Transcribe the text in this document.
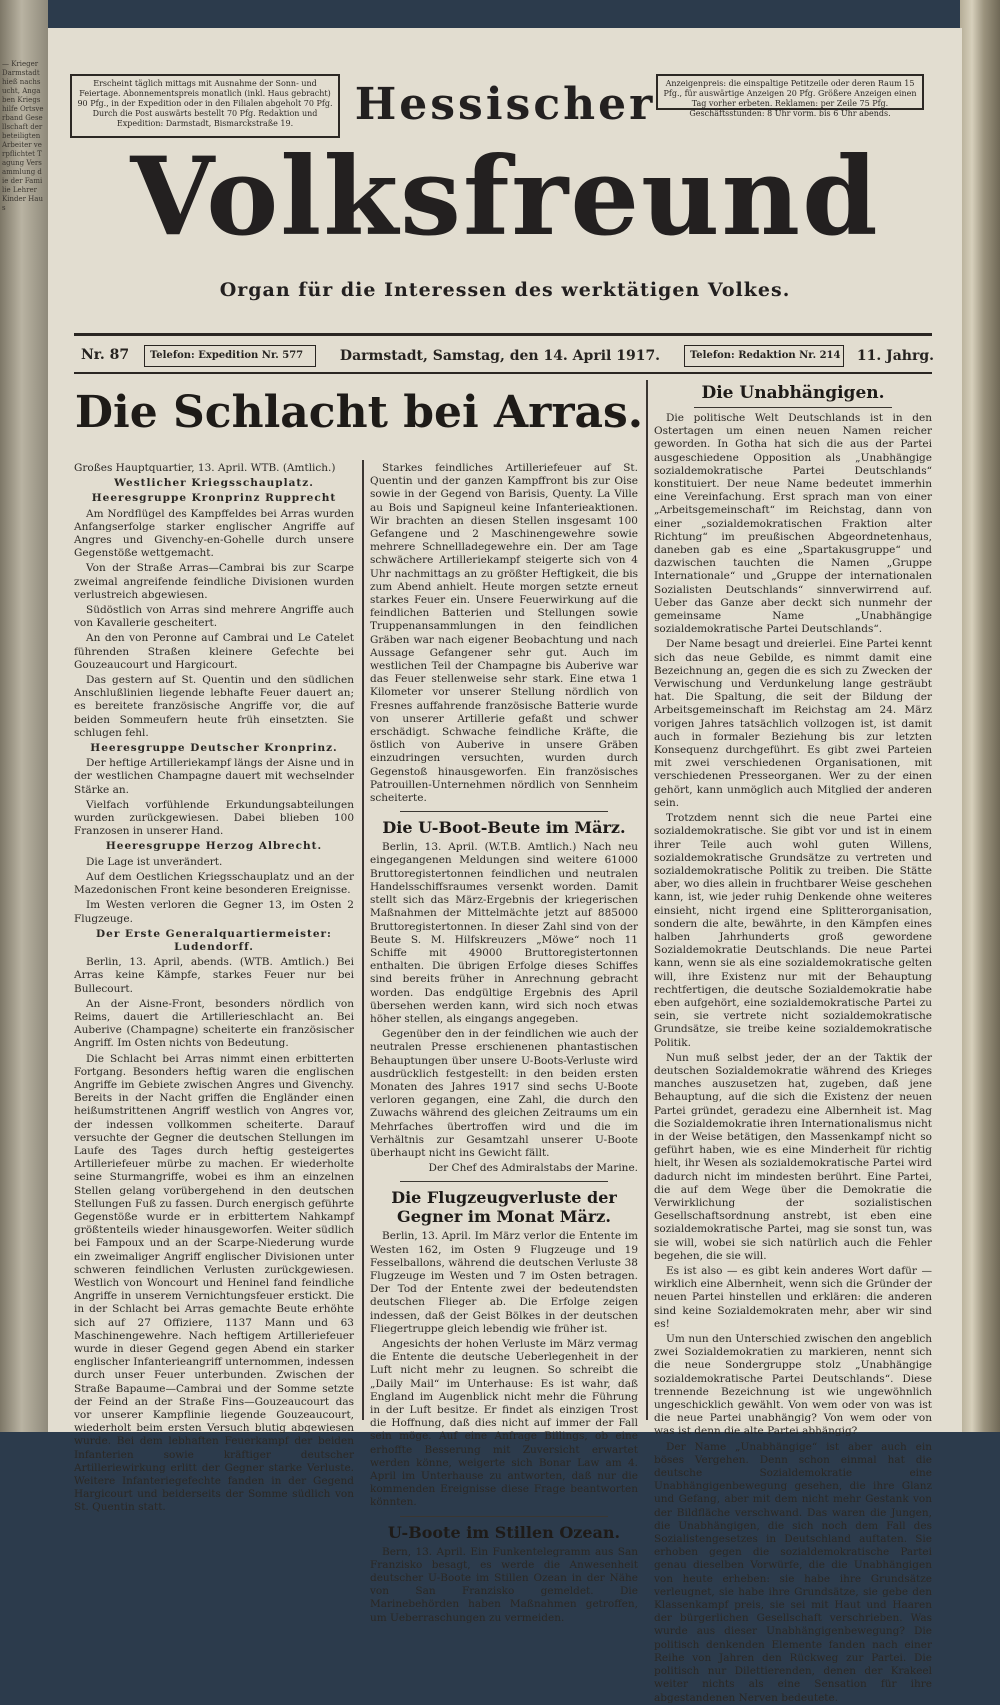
— Krieger Darmstadt hieß nachsucht, Angaben Kriegshilfe Ortsverband Gesellschaft der beteiligten Arbeiter verpflichtet Tagung Versammlung die der Familie Lehrer Kinder Haus
Erscheint täglich mittags mit Ausnahme der Sonn- und Feiertage. Abonnementspreis monatlich (inkl. Haus gebracht) 90 Pfg., in der Expedition oder in den Filialen abgeholt 70 Pfg. Durch die Post auswärts bestellt 70 Pfg. Redaktion und Expedition: Darmstadt, Bismarckstraße 19.
Anzeigenpreis: die einspaltige Petitzeile oder deren Raum 15 Pfg., für auswärtige Anzeigen 20 Pfg. Größere Anzeigen einen Tag vorher erbeten. Reklamen: per Zeile 75 Pfg. Geschäftsstunden: 8 Uhr vorm. bis 6 Uhr abends.
Hessischer
Volksfreund
Organ für die Interessen des werktätigen Volkes.
Nr. 87	Telefon: Expedition Nr. 577	Darmstadt, Samstag, den 14. April 1917.	Telefon: Redaktion Nr. 214 11. Jahrg.
Die Schlacht bei Arras.

Großes Hauptquartier, 13. April. WTB. (Amtlich.)

Westlicher Kriegsschauplatz.

Heeresgruppe Kronprinz Rupprecht

Am Nordflügel des Kampffeldes bei Arras wurden Anfangserfolge starker englischer Angriffe auf Angres und Givenchy-en-Gohelle durch unsere Gegenstöße wettgemacht.

Von der Straße Arras—Cambrai bis zur Scarpe zweimal angreifende feindliche Divisionen wurden verlustreich abgewiesen.

Südöstlich von Arras sind mehrere Angriffe auch von Kavallerie gescheitert.

An den von Peronne auf Cambrai und Le Catelet führenden Straßen kleinere Gefechte bei Gouzeaucourt und Hargicourt.

Das gestern auf St. Quentin und den südlichen Anschlußlinien liegende lebhafte Feuer dauert an; es bereitete französische Angriffe vor, die auf beiden Sommeufern heute früh einsetzten. Sie schlugen fehl.

Heeresgruppe Deutscher Kronprinz.

Der heftige Artilleriekampf längs der Aisne und in der westlichen Champagne dauert mit wechselnder Stärke an.

Vielfach vorfühlende Erkundungsabteilungen wurden zurückgewiesen. Dabei blieben 100 Franzosen in unserer Hand.

Heeresgruppe Herzog Albrecht.

Die Lage ist unverändert.

Auf dem Oestlichen Kriegsschauplatz und an der Mazedonischen Front keine besonderen Ereignisse.

Im Westen verloren die Gegner 13, im Osten 2 Flugzeuge.

Der Erste Generalquartiermeister: Ludendorff.

Berlin, 13. April, abends. (WTB. Amtlich.) Bei Arras keine Kämpfe, starkes Feuer nur bei Bullecourt.

An der Aisne-Front, besonders nördlich von Reims, dauert die Artillerieschlacht an. Bei Auberive (Champagne) scheiterte ein französischer Angriff. Im Osten nichts von Bedeutung.

Die Schlacht bei Arras nimmt einen erbitterten Fortgang. Besonders heftig waren die englischen Angriffe im Gebiete zwischen Angres und Givenchy. Bereits in der Nacht griffen die Engländer einen heißumstrittenen Angriff westlich von Angres vor, der indessen vollkommen scheiterte. Darauf versuchte der Gegner die deutschen Stellungen im Laufe des Tages durch heftig gesteigertes Artilleriefeuer mürbe zu machen. Er wiederholte seine Sturmangriffe, wobei es ihm an einzelnen Stellen gelang vorübergehend in den deutschen Stellungen Fuß zu fassen. Durch energisch geführte Gegenstöße wurde er in erbittertem Nahkampf größtenteils wieder hinausgeworfen. Weiter südlich bei Fampoux und an der Scarpe-Niederung wurde ein zweimaliger Angriff englischer Divisionen unter schweren feindlichen Verlusten zurückgewiesen. Westlich von Woncourt und Heninel fand feindliche Angriffe in unserem Vernichtungsfeuer erstickt. Die in der Schlacht bei Arras gemachte Beute erhöhte sich auf 27 Offiziere, 1137 Mann und 63 Maschinengewehre. Nach heftigem Artilleriefeuer wurde in dieser Gegend gegen Abend ein starker englischer Infanterieangriff unternommen, indessen durch unser Feuer unterbunden. Zwischen der Straße Bapaume—Cambrai und der Somme setzte der Feind an der Straße Fins—Gouzeaucourt das vor unserer Kampflinie liegende Gouzeaucourt, wiederholt beim ersten Versuch blutig abgewiesen wurde. Bei dem lebhaften Feuerkampf der beiden Infanterien sowie kräftiger deutscher Artilleriewirkung erlitt der Gegner starke Verluste. Weitere Infanteriegefechte fanden in der Gegend Hargicourt und beiderseits der Somme südlich von St. Quentin statt.

Starkes feindliches Artilleriefeuer auf St. Quentin und der ganzen Kampffront bis zur Oise sowie in der Gegend von Barisis, Quenty. La Ville au Bois und Sapigneul keine Infanterieaktionen. Wir brachten an diesen Stellen insgesamt 100 Gefangene und 2 Maschinengewehre sowie mehrere Schnellladegewehre ein. Der am Tage schwächere Artilleriekampf steigerte sich von 4 Uhr nachmittags an zu größter Heftigkeit, die bis zum Abend anhielt. Heute morgen setzte erneut starkes Feuer ein. Unsere Feuerwirkung auf die feindlichen Batterien und Stellungen sowie Truppenansammlungen in den feindlichen Gräben war nach eigener Beobachtung und nach Aussage Gefangener sehr gut. Auch im westlichen Teil der Champagne bis Auberive war das Feuer stellenweise sehr stark. Eine etwa 1 Kilometer vor unserer Stellung nördlich von Fresnes auffahrende französische Batterie wurde von unserer Artillerie gefaßt und schwer erschädigt. Schwache feindliche Kräfte, die östlich von Auberive in unsere Gräben einzudringen versuchten, wurden durch Gegenstoß hinausgeworfen. Ein französisches Patrouillen-Unternehmen nördlich von Sennheim scheiterte.

Die U-Boot-Beute im März.

Berlin, 13. April. (W.T.B. Amtlich.) Nach neu eingegangenen Meldungen sind weitere 61000 Bruttoregistertonnen feindlichen und neutralen Handelsschiffsraumes versenkt worden. Damit stellt sich das März-Ergebnis der kriegerischen Maßnahmen der Mittelmächte jetzt auf 885000 Bruttoregistertonnen. In dieser Zahl sind von der Beute S. M. Hilfskreuzers „Möwe“ noch 11 Schiffe mit 49000 Bruttoregistertonnen enthalten. Die übrigen Erfolge dieses Schiffes sind bereits früher in Anrechnung gebracht worden. Das endgültige Ergebnis des April übersehen werden kann, wird sich noch etwas höher stellen, als eingangs angegeben.

Gegenüber den in der feindlichen wie auch der neutralen Presse erschienenen phantastischen Behauptungen über unsere U-Boots-Verluste wird ausdrücklich festgestellt: in den beiden ersten Monaten des Jahres 1917 sind sechs U-Boote verloren gegangen, eine Zahl, die durch den Zuwachs während des gleichen Zeitraums um ein Mehrfaches übertroffen wird und die im Verhältnis zur Gesamtzahl unserer U-Boote überhaupt nicht ins Gewicht fällt.

Der Chef des Admiralstabs der Marine.

Die Flugzeugverluste der Gegner im Monat März.

Berlin, 13. April. Im März verlor die Entente im Westen 162, im Osten 9 Flugzeuge und 19 Fesselballons, während die deutschen Verluste 38 Flugzeuge im Westen und 7 im Osten betragen. Der Tod der Entente zwei der bedeutendsten deutschen Flieger ab. Die Erfolge zeigen indessen, daß der Geist Bölkes in der deutschen Fliegertruppe gleich lebendig wie früher ist.

Angesichts der hohen Verluste im März vermag die Entente die deutsche Ueberlegenheit in der Luft nicht mehr zu leugnen. So schreibt die „Daily Mail“ im Unterhause: Es ist wahr, daß England im Augenblick nicht mehr die Führung in der Luft besitze. Er findet als einzigen Trost die Hoffnung, daß dies nicht auf immer der Fall sein möge. Auf eine Anfrage Billings, ob eine erhoffte Besserung mit Zuversicht erwartet werden könne, weigerte sich Bonar Law am 4. April im Unterhause zu antworten, daß nur die kommenden Ereignisse diese Frage beantworten könnten.

U-Boote im Stillen Ozean.

Bern, 13. April. Ein Funkentelegramm aus San Franzisko besagt, es werde die Anwesenheit deutscher U-Boote im Stillen Ozean in der Nähe von San Franzisko gemeldet. Die Marinebehörden haben Maßnahmen getroffen, um Ueberraschungen zu vermeiden.

Die Unabhängigen.

Die politische Welt Deutschlands ist in den Ostertagen um einen neuen Namen reicher geworden. In Gotha hat sich die aus der Partei ausgeschiedene Opposition als „Unabhängige sozialdemokratische Partei Deutschlands“ konstituiert. Der neue Name bedeutet immerhin eine Vereinfachung. Erst sprach man von einer „Arbeitsgemeinschaft“ im Reichstag, dann von einer „sozialdemokratischen Fraktion alter Richtung“ im preußischen Abgeordnetenhaus, daneben gab es eine „Spartakusgruppe“ und dazwischen tauchten die Namen „Gruppe Internationale“ und „Gruppe der internationalen Sozialisten Deutschlands“ sinnverwirrend auf. Ueber das Ganze aber deckt sich nunmehr der gemeinsame Name „Unabhängige sozialdemokratische Partei Deutschlands“.

Der Name besagt und dreierlei. Eine Partei kennt sich das neue Gebilde, es nimmt damit eine Bezeichnung an, gegen die es sich zu Zwecken der Verwischung und Verdunkelung lange gesträubt hat. Die Spaltung, die seit der Bildung der Arbeitsgemeinschaft im Reichstag am 24. März vorigen Jahres tatsächlich vollzogen ist, ist damit auch in formaler Beziehung bis zur letzten Konsequenz durchgeführt. Es gibt zwei Parteien mit zwei verschiedenen Organisationen, mit verschiedenen Presseorganen. Wer zu der einen gehört, kann unmöglich auch Mitglied der anderen sein.

Trotzdem nennt sich die neue Partei eine sozialdemokratische. Sie gibt vor und ist in einem ihrer Teile auch wohl guten Willens, sozialdemokratische Grundsätze zu vertreten und sozialdemokratische Politik zu treiben. Die Stätte aber, wo dies allein in fruchtbarer Weise geschehen kann, ist, wie jeder ruhig Denkende ohne weiteres einsieht, nicht irgend eine Splitterorganisation, sondern die alte, bewährte, in den Kämpfen eines halben Jahrhunderts groß gewordene Sozialdemokratie Deutschlands. Die neue Partei kann, wenn sie als eine sozialdemokratische gelten will, ihre Existenz nur mit der Behauptung rechtfertigen, die deutsche Sozialdemokratie habe eben aufgehört, eine sozialdemokratische Partei zu sein, sie vertrete nicht sozialdemokratische Grundsätze, sie treibe keine sozialdemokratische Politik.

Nun muß selbst jeder, der an der Taktik der deutschen Sozialdemokratie während des Krieges manches auszusetzen hat, zugeben, daß jene Behauptung, auf die sich die Existenz der neuen Partei gründet, geradezu eine Albernheit ist. Mag die Sozialdemokratie ihren Internationalismus nicht in der Weise betätigen, den Massenkampf nicht so geführt haben, wie es eine Minderheit für richtig hielt, ihr Wesen als sozialdemokratische Partei wird dadurch nicht im mindesten berührt. Eine Partei, die auf dem Wege über die Demokratie die Verwirklichung der sozialistischen Gesellschaftsordnung anstrebt, ist eben eine sozialdemokratische Partei, mag sie sonst tun, was sie will, wobei sie sich natürlich auch die Fehler begehen, die sie will.

Es ist also — es gibt kein anderes Wort dafür — wirklich eine Albernheit, wenn sich die Gründer der neuen Partei hinstellen und erklären: die anderen sind keine Sozialdemokraten mehr, aber wir sind es!

Um nun den Unterschied zwischen den angeblich zwei Sozialdemokratien zu markieren, nennt sich die neue Sondergruppe stolz „Unabhängige sozialdemokratische Partei Deutschlands“. Diese trennende Bezeichnung ist wie ungewöhnlich ungeschicklich gewählt. Von wem oder von was ist die neue Partei unabhängig? Von wem oder von was ist denn die alte Partei abhängig?

Der Name „Unabhängige“ ist aber auch ein böses Vergehen. Denn schon einmal hat die deutsche Sozialdemokratie eine Unabhängigenbewegung gesehen, die ihre Glanz und Gefang, aber mit dem nicht mehr Gestank von der Bildfläche verschwand. Das waren die Jungen, die Unabhängigen, die sich noch dem Fall des Sozialistengesetzes in Deutschland auftaten. Sie erhoben gegen die sozialdemokratische Partei genau dieselben Vorwürfe, die die Unabhängigen von heute erheben: sie habe ihre Grundsätze verleugnet, sie habe ihre Grundsätze, sie gebe den Klassenkampf preis, sie sei mit Haut und Haaren der bürgerlichen Gesellschaft verschrieben. Was wurde aus dieser Unabhängigenbewegung? Die politisch denkenden Elemente fanden nach einer Reihe von Jahren den Rückweg zur Partei. Die politisch nur Dilettierenden, denen der Krakeel weiter nichts als eine Sensation für ihre abgestandenen Nerven bedeutete.
